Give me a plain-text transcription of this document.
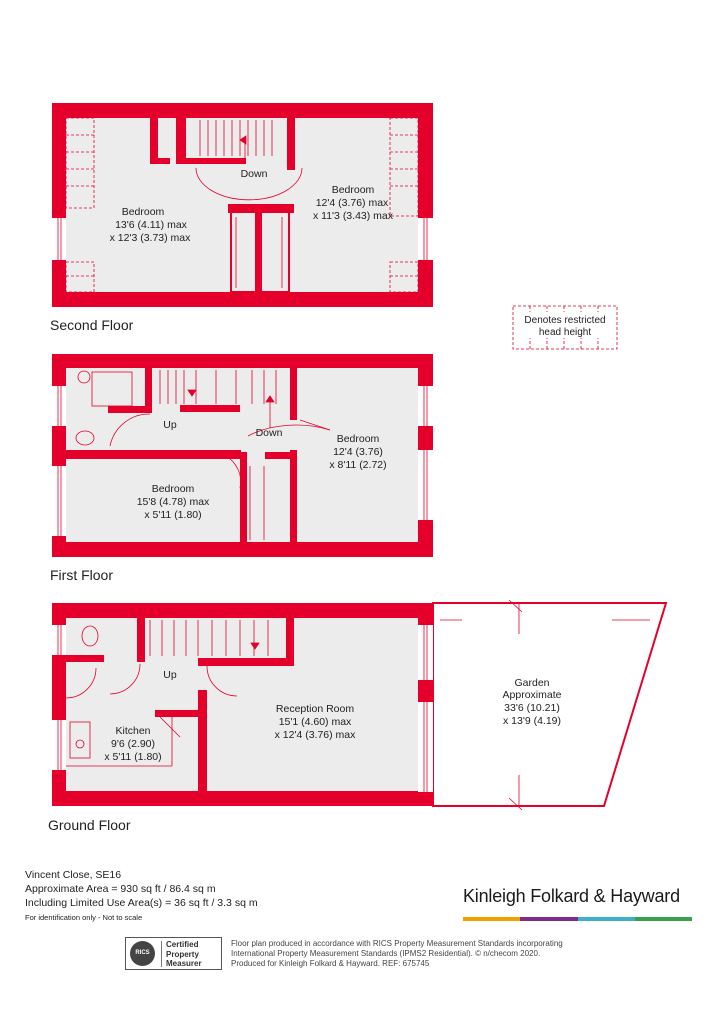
Bedroom
13'6 (4.11) max
x 12'3 (3.73) max
Bedroom
12'4 (3.76) max
x 11'3 (3.43) max
Down
Second Floor	Denotes restricted
head height
Up
Down	Bedroom
12'4 (3.76)
x 8'11 (2.72)
Bedroom
15'8 (4.78) max
x 5'11 (1.80)
First Floor
Up
Kitchen
9'6 (2.90)
x 5'11 (1.80)
Reception Room
15'1 (4.60) max
x 12'4 (3.76) max
Garden
Approximate
33'6 (10.21)
x 13'9 (4.19)
Ground Floor
Vincent Close, SE16
Approximate Area = 930 sq ft / 86.4 sq m
Including Limited Use Area(s) = 36 sq ft / 3.3 sq m
For identification only - Not to scale
Kinleigh Folkard & Hayward
RICS
Certified
Property
Measurer
Floor plan produced in accordance with RICS Property Measurement Standards incorporating
International Property Measurement Standards (IPMS2 Residential). © n/checom 2020.
Produced for Kinleigh Folkard & Hayward. REF: 675745
